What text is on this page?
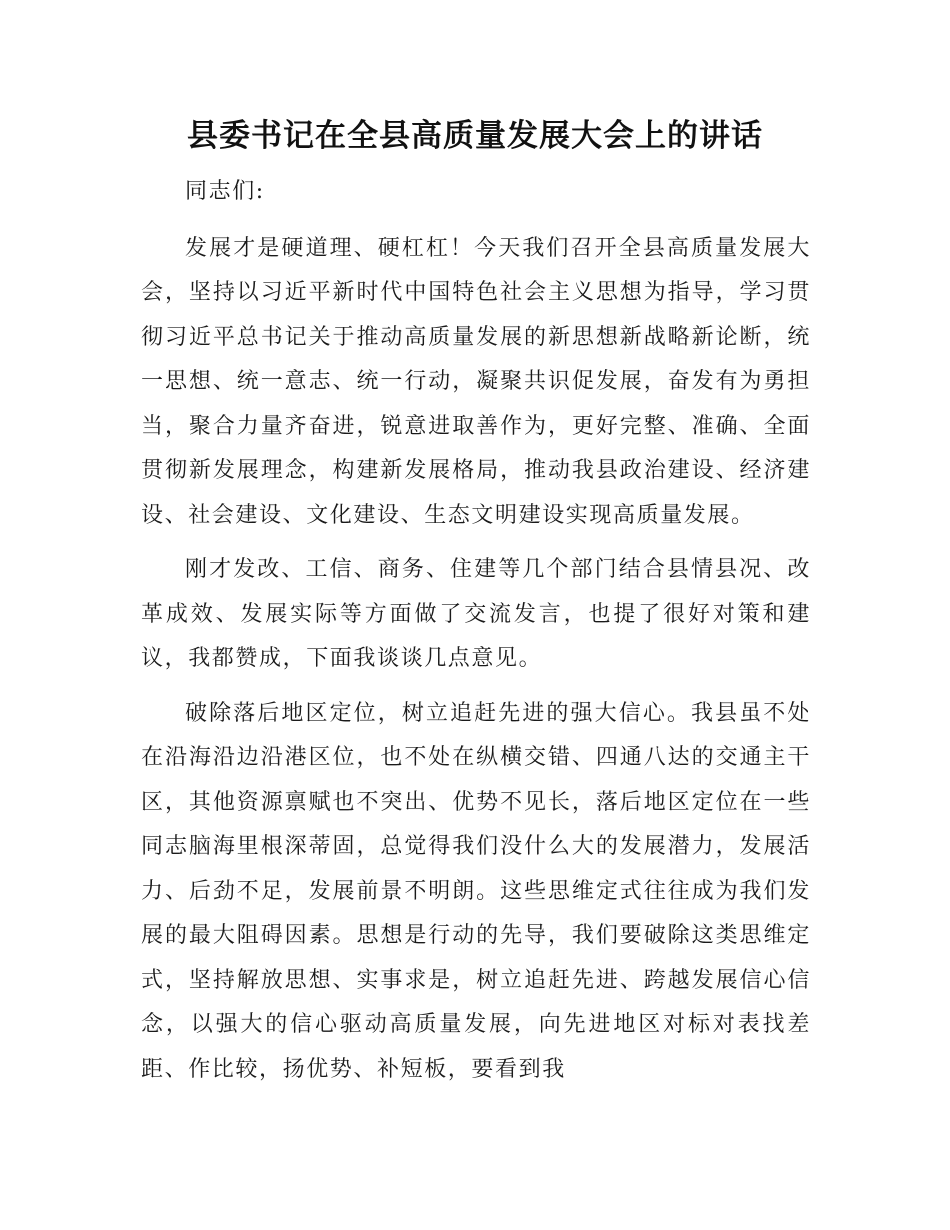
县委书记在全县高质量发展大会上的讲话

同志们:

发展才是硬道理、硬杠杠！今天我们召开全县高质量发展大会，坚持以习近平新时代中国特色社会主义思想为指导，学习贯彻习近平总书记关于推动高质量发展的新思想新战略新论断，统一思想、统一意志、统一行动，凝聚共识促发展，奋发有为勇担当，聚合力量齐奋进，锐意进取善作为，更好完整、准确、全面贯彻新发展理念，构建新发展格局，推动我县政治建设、经济建设、社会建设、文化建设、生态文明建设实现高质量发展。

刚才发改、工信、商务、住建等几个部门结合县情县况、改革成效、发展实际等方面做了交流发言，也提了很好对策和建议，我都赞成，下面我谈谈几点意见。

破除落后地区定位，树立追赶先进的强大信心。我县虽不处在沿海沿边沿港区位，也不处在纵横交错、四通八达的交通主干区，其他资源禀赋也不突出、优势不见长，落后地区定位在一些同志脑海里根深蒂固，总觉得我们没什么大的发展潜力，发展活力、后劲不足，发展前景不明朗。这些思维定式往往成为我们发展的最大阻碍因素。思想是行动的先导，我们要破除这类思维定式，坚持解放思想、实事求是，树立追赶先进、跨越发展信心信念，以强大的信心驱动高质量发展，向先进地区对标对表找差距、作比较，扬优势、补短板，要看到我
